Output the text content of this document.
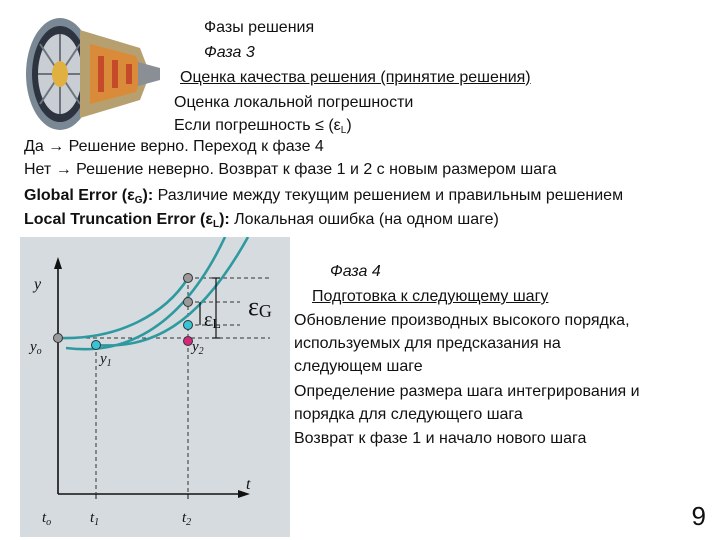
Фазы решения
Фаза 3
Оценка качества решения (принятие решения)
Оценка локальной погрешности
Если погрешность ≤ $(\varepsilon_L)$
Да → Решение верно. Переход к фазе 4
Нет → Решение неверно. Возврат к фазе 1 и 2 с новым размером шага
Global Error $(\varepsilon_G)$: Различие между текущим решением и правильным решением
Local Truncation Error $(\varepsilon_L)$: Локальная ошибка (на одном шаге)
y
t
$y_o$	$y_1$
$y_2$
$t_o$	$t_1$	$t_2$
εG
εL
Фаза 4
Подготовка к следующему шагу
Обновление производных высокого порядка,
используемых для предсказания на
следующем шаге
Определение размера шага интегрирования и
порядка для следующего шага
Возврат к фазе 1 и начало нового шага
9
